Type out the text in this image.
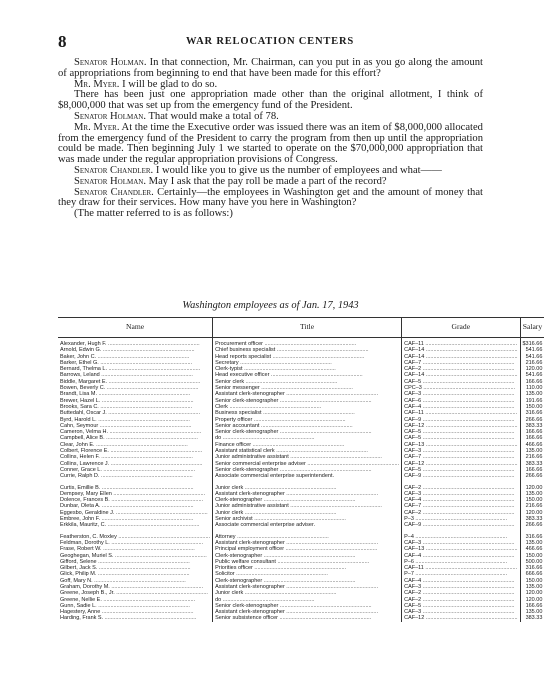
8	WAR RELOCATION CENTERS

Senator Holman. In that connection, Mr. Chairman, can you put in as you go along the amount of appropriations from beginning to end that have been made for this effort?

Mr. Myer. I will be glad to do so.

There has been just one appropriation made other than the original allotment, I think of $8,000,000 that was set up from the emergency fund of the President.

Senator Holman. That would make a total of 78.

Mr. Myer. At the time the Executive order was issued there was an item of $8,000,000 allocated from the emergency fund of the President to carry the program from then up until the appropriation could be made. Then beginning July 1 we started to operate on the $70,000,000 appropriation that was made under the regular appropriation provisions of Congress.

Senator Chandler. I would like you to give us the number of employees and what——

Senator Holman. May I ask that the pay roll be made a part of the record?

Senator Chandler. Certainly—the employees in Washington get and the amount of money that they draw for their services. How many have you here in Washington?

(The matter referred to is as follows:)

Washington employees as of Jan. 17, 1943
Name	Title	Grade	Salary
Alexander, Hugh F. ............................................................	Procurement officer ............................................................	CAF–11 ............................................................	$316.66
Arnold, Edwin G. ............................................................	Chief business specialist ............................................................	CAF–14 ............................................................	541.66
Baker, John C. ............................................................	Head reports specialist ............................................................	CAF–14 ............................................................	541.66
Barker, Ethel G. ............................................................	Secretary ............................................................	CAF–7 ............................................................	216.66
Bernard, Thelma L. ............................................................	Clerk-typist ............................................................	CAF–2 ............................................................	120.00
Barrows, Leland ............................................................	Head executive officer ............................................................	CAF–14 ............................................................	541.66
Biddle, Margaret E. ............................................................	Senior clerk ............................................................	CAF–5 ............................................................	166.66
Bowen, Beverly C. ............................................................	Senior messenger ............................................................	CPC–3 ............................................................	110.00
Brandt, Lisa M. ............................................................	Assistant clerk-stenographer ............................................................	CAF–3 ............................................................	135.00
Brewer, Hazel L. ............................................................	Senior clerk-stenographer ............................................................	CAF–6 ............................................................	191.66
Brooks, Sara C. ............................................................	Clerk ............................................................	CAF–4 ............................................................	150.00
Buttedahl, Oscar J. ............................................................	Business specialist ............................................................	CAF–11 ............................................................	316.66
Byrd, Harold L. ............................................................	Property officer ............................................................	CAF–9 ............................................................	266.66
Cahn, Seymour ............................................................	Senior accountant ............................................................	CAF–12 ............................................................	383.33
Cameron, Velma H. ............................................................	Senior clerk-stenographer ............................................................	CAF–5 ............................................................	166.66
Campbell, Alice B. ............................................................	do ............................................................	CAF–5 ............................................................	166.66
Clear, John E. ............................................................	Finance officer ............................................................	CAF–13 ............................................................	466.66
Colbert, Florence E. ............................................................	Assistant statistical clerk ............................................................	CAF–3 ............................................................	135.00
Collins, Helen F. ............................................................	Junior administrative assistant ............................................................	CAF–7 ............................................................	216.66
Collins, Lawrence J. ............................................................	Senior commercial enterprise adviser ............................................................	CAF–12 ............................................................	383.33
Conner, Grace L. ............................................................	Senior clerk-stenographer ............................................................	CAF–5 ............................................................	166.66
Currie, Ralph D. ............................................................	Associate commercial enterprise superintendent.	CAF–9 ............................................................	266.66
Curtis, Emillie B. ............................................................	Junior clerk ............................................................	CAF–2 ............................................................	120.00
Dempsey, Mary Ellen ............................................................	Assistant clerk-stenographer ............................................................	CAF–3 ............................................................	135.00
Dolence, Frances B. ............................................................	Clerk-stenographer ............................................................	CAF–4 ............................................................	150.00
Dunbar, Oleta A. ............................................................	Junior administrative assistant ............................................................	CAF–7 ............................................................	216.66
Eggesbo, Geraldine J. ............................................................	Junior clerk ............................................................	CAF–2 ............................................................	120.00
Embree, John F. ............................................................	Senior archivist ............................................................	P–3 ............................................................	383.33
Erkkila, Mauritz, C. ............................................................	Associate commercial enterprise adviser.	CAF–9 ............................................................	266.66
Featherston, C. Moxley ............................................................	Attorney ............................................................	P–4 ............................................................	316.66
Feldman, Dorothy L. ............................................................	Assistant clerk-stenographer ............................................................	CAF–3 ............................................................	135.00
Frase, Robert W. ............................................................	Principal employment officer ............................................................	CAF–13 ............................................................	466.66
Geoghegan, Muriel S. ............................................................	Clerk-stenographer ............................................................	CAF–4 ............................................................	150.00
Gifford, Selene ............................................................	Public welfare consultant ............................................................	P–6 ............................................................	500.00
Gilbert, Jack S. ............................................................	Priorities officer ............................................................	CAF–11 ............................................................	316.66
Glick, Philip M. ............................................................	Solicitor ............................................................	P–7 ............................................................	666.66
Goff, Mary N. ............................................................	Clerk-stenographer ............................................................	CAF–4 ............................................................	150.00
Graham, Dorothy M. ............................................................	Assistant clerk-stenographer ............................................................	CAF–3 ............................................................	135.00
Greene, Joseph B., Jr. ............................................................	Junior clerk ............................................................	CAF–2 ............................................................	120.00
Greene, Nellie E. ............................................................	do ............................................................	CAF–2 ............................................................	120.00
Gunn, Sadie L. ............................................................	Senior clerk-stenographer ............................................................	CAF–5 ............................................................	166.66
Hagestery, Anne ............................................................	Assistant clerk-stenographer ............................................................	CAF–3 ............................................................	135.00
Harding, Frank S. ............................................................	Senior subsistence officer ............................................................	CAF–12 ............................................................	383.33
